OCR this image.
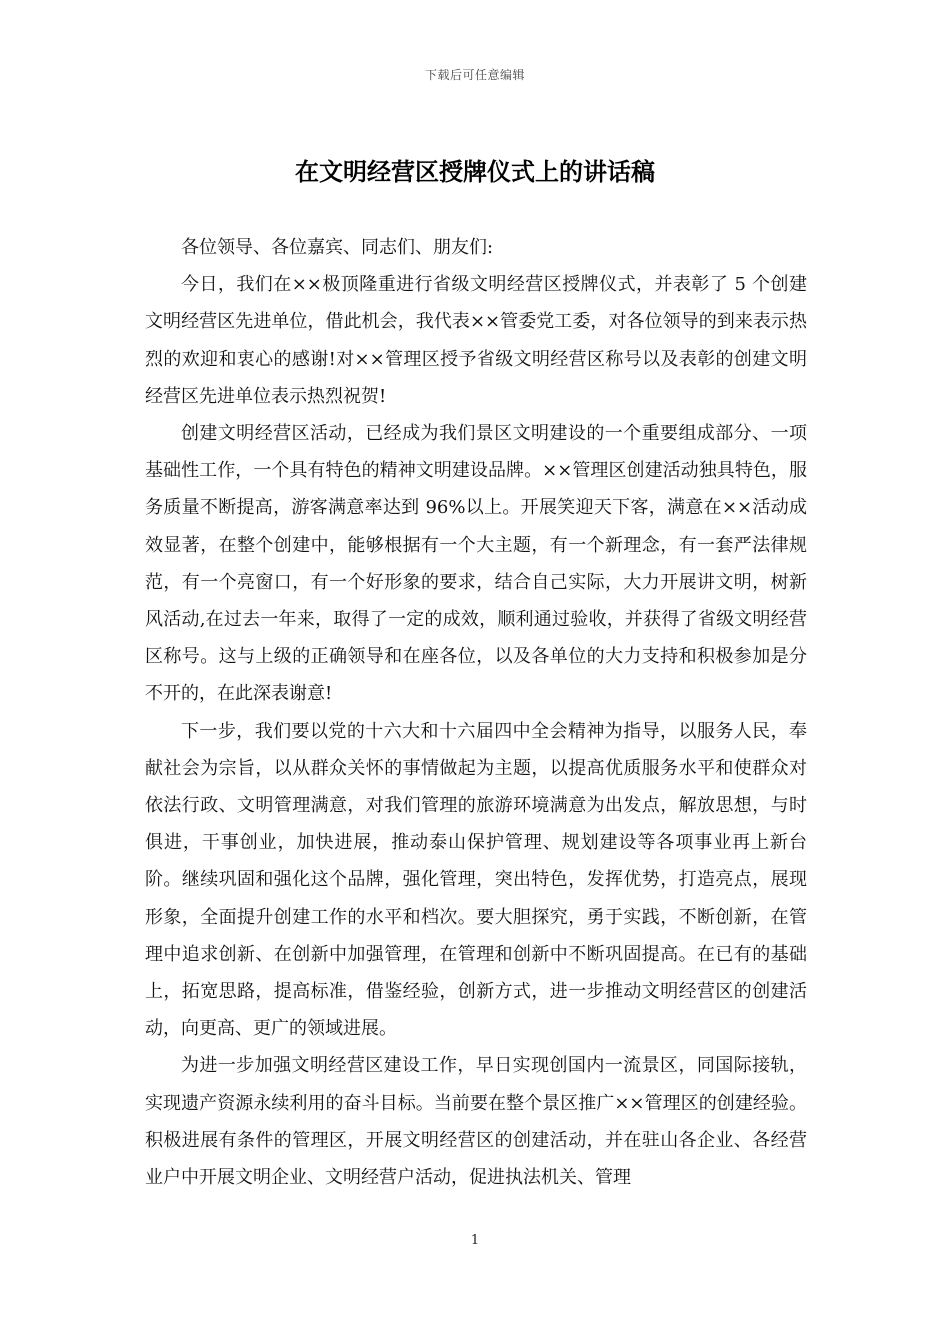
下载后可任意编辑
在文明经营区授牌仪式上的讲话稿

各位领导、各位嘉宾、同志们、朋友们:

今日，我们在××极顶隆重进行省级文明经营区授牌仪式，并表彰了 5 个创建文明经营区先进单位，借此机会，我代表××管委党工委，对各位领导的到来表示热烈的欢迎和衷心的感谢!对××管理区授予省级文明经营区称号以及表彰的创建文明经营区先进单位表示热烈祝贺!

创建文明经营区活动，已经成为我们景区文明建设的一个重要组成部分、一项基础性工作，一个具有特色的精神文明建设品牌。××管理区创建活动独具特色，服务质量不断提高，游客满意率达到 96%以上。开展笑迎天下客，满意在××活动成效显著，在整个创建中，能够根据有一个大主题，有一个新理念，有一套严法律规范，有一个亮窗口，有一个好形象的要求，结合自己实际，大力开展讲文明，树新风活动,在过去一年来，取得了一定的成效，顺利通过验收，并获得了省级文明经营区称号。这与上级的正确领导和在座各位，以及各单位的大力支持和积极参加是分不开的，在此深表谢意!

下一步，我们要以党的十六大和十六届四中全会精神为指导，以服务人民，奉献社会为宗旨，以从群众关怀的事情做起为主题，以提高优质服务水平和使群众对依法行政、文明管理满意，对我们管理的旅游环境满意为出发点，解放思想，与时俱进，干事创业，加快进展，推动泰山保护管理、规划建设等各项事业再上新台阶。继续巩固和强化这个品牌，强化管理，突出特色，发挥优势，打造亮点，展现形象，全面提升创建工作的水平和档次。要大胆探究，勇于实践，不断创新，在管理中追求创新、在创新中加强管理，在管理和创新中不断巩固提高。在已有的基础上，拓宽思路，提高标准，借鉴经验，创新方式，进一步推动文明经营区的创建活动，向更高、更广的领域进展。

为进一步加强文明经营区建设工作，早日实现创国内一流景区，同国际接轨，实现遗产资源永续利用的奋斗目标。当前要在整个景区推广××管理区的创建经验。积极进展有条件的管理区，开展文明经营区的创建活动，并在驻山各企业、各经营业户中开展文明企业、文明经营户活动，促进执法机关、管理

1
